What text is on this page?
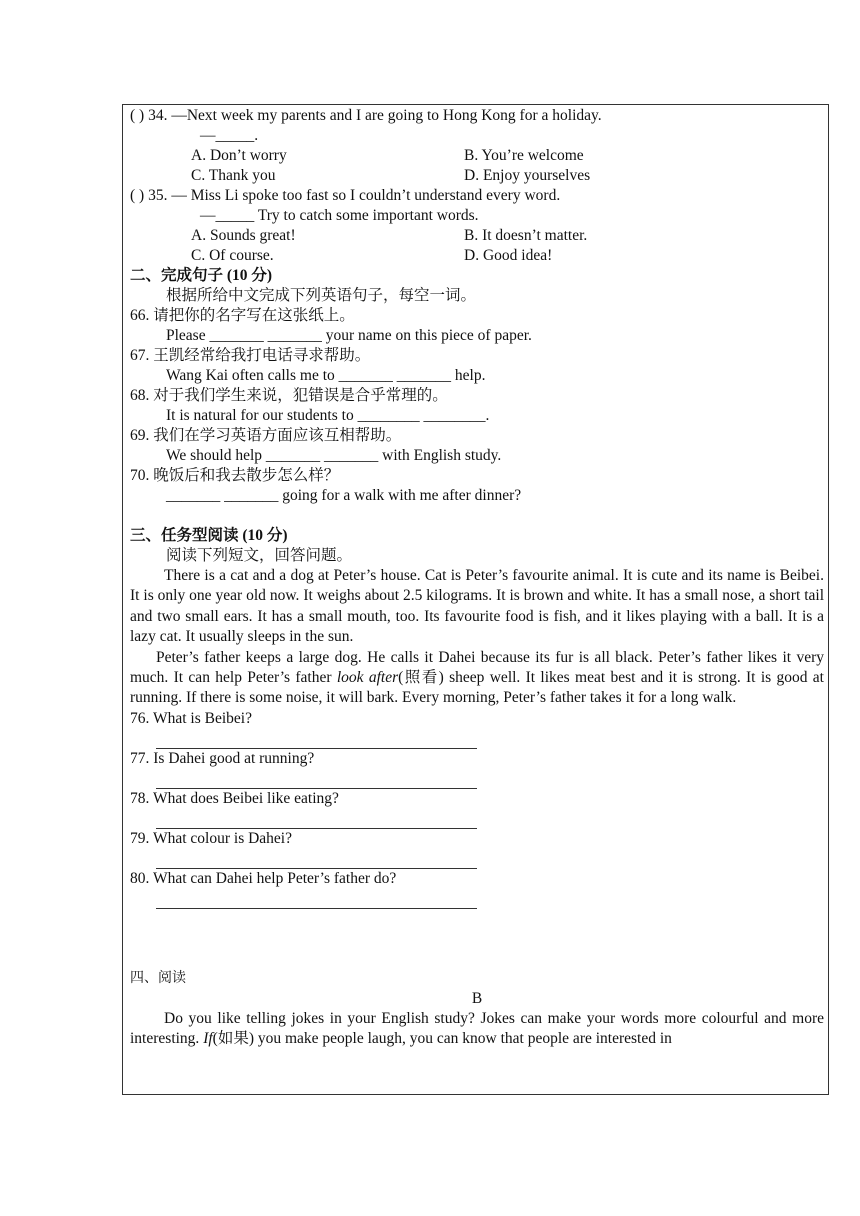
( ) 34. —Next week my parents and I are going to Hong Kong for a holiday.
—_____.
A. Don’t worry	B. You’re welcome
C. Thank you	D. Enjoy yourselves
( ) 35. — Miss Li spoke too fast so I couldn’t understand every word.
—_____ Try to catch some important words.
A. Sounds great!	B. It doesn’t matter.
C. Of course.	D. Good idea!
二、完成句子 (10 分)
根据所给中文完成下列英语句子，每空一词。
66. 请把你的名字写在这张纸上。
Please _______ _______ your name on this piece of paper.
67. 王凯经常给我打电话寻求帮助。
Wang Kai often calls me to _______ _______ help.
68. 对于我们学生来说，犯错误是合乎常理的。
It is natural for our students to ________ ________.
69. 我们在学习英语方面应该互相帮助。
We should help _______ _______ with English study.
70. 晚饭后和我去散步怎么样？
_______ _______ going for a walk with me after dinner?
三、任务型阅读 (10 分)
阅读下列短文，回答问题。

There is a cat and a dog at Peter’s house. Cat is Peter’s favourite animal. It is cute and its name is Beibei. It is only one year old now. It weighs about 2.5 kilograms. It is brown and white. It has a small nose, a short tail and two small ears. It has a small mouth, too. Its favourite food is fish, and it likes playing with a ball. It is a lazy cat. It usually sleeps in the sun.

Peter’s father keeps a large dog. He calls it Dahei because its fur is all black. Peter’s father likes it very much. It can help Peter’s father look after(照看) sheep well. It likes meat best and it is strong. It is good at running. If there is some noise, it will bark. Every morning, Peter’s father takes it for a long walk.

76. What is Beibei?
77. Is Dahei good at running?
78. What does Beibei like eating?
79. What colour is Dahei?
80. What can Dahei help Peter’s father do?
四、阅读
B

Do you like telling jokes in your English study? Jokes can make your words more colourful and more interesting. If(如果) you make people laugh, you can know that people are interested in
